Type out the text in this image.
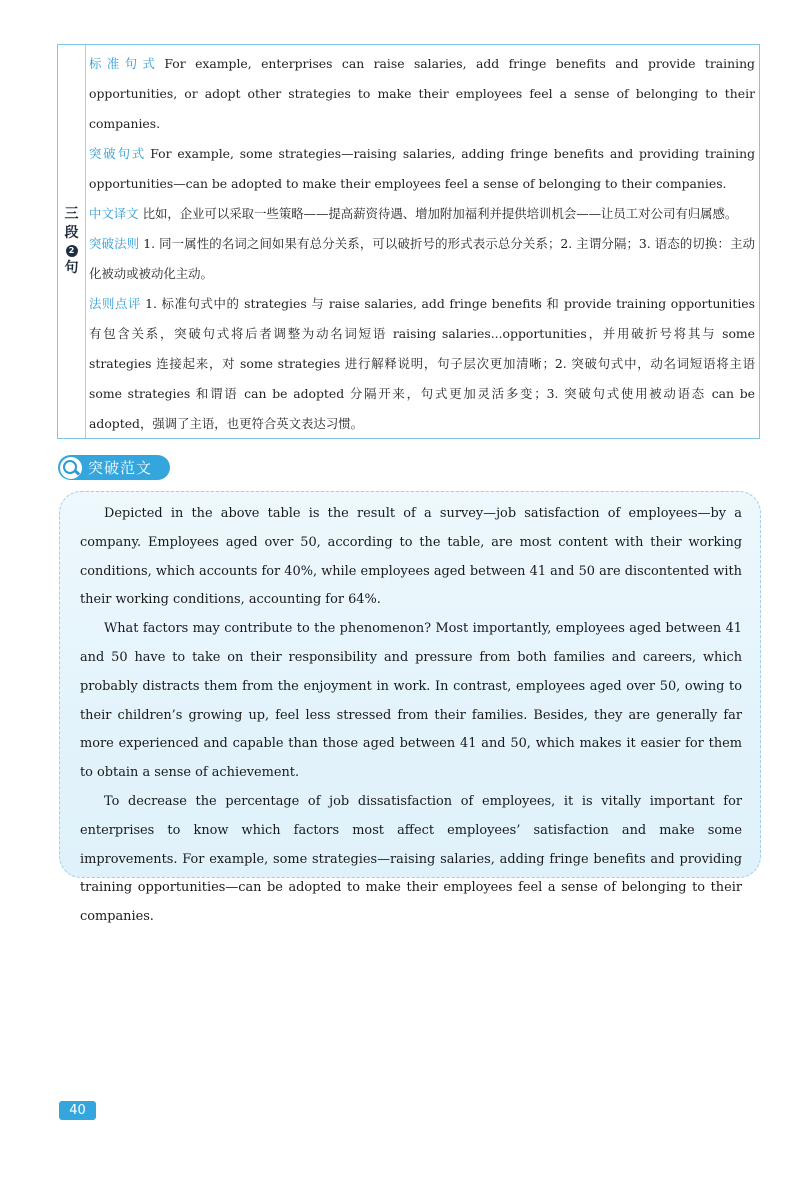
三
段
2
句

标准句式 For example, enterprises can raise salaries, add fringe benefits and provide training opportunities, or adopt other strategies to make their employees feel a sense of belonging to their companies.

突破句式 For example, some strategies—raising salaries, adding fringe benefits and providing training opportunities—can be adopted to make their employees feel a sense of belonging to their companies.

中文译文 比如，企业可以采取一些策略——提高薪资待遇、增加附加福利并提供培训机会——让员工对公司有归属感。

突破法则 1. 同一属性的名词之间如果有总分关系，可以破折号的形式表示总分关系；2. 主谓分隔；3. 语态的切换：主动化被动或被动化主动。

法则点评 1. 标准句式中的 strategies 与 raise salaries, add fringe benefits 和 provide training opportunities 有包含关系，突破句式将后者调整为动名词短语 raising salaries...opportunities，并用破折号将其与 some strategies 连接起来，对 some strategies 进行解释说明，句子层次更加清晰；2. 突破句式中，动名词短语将主语 some strategies 和谓语 can be adopted 分隔开来，句式更加灵活多变；3. 突破句式使用被动语态 can be adopted，强调了主语，也更符合英文表达习惯。

突破范文

Depicted in the above table is the result of a survey—job satisfaction of employees—by a company. Employees aged over 50, according to the table, are most content with their working conditions, which accounts for 40%, while employees aged between 41 and 50 are discontented with their working conditions, accounting for 64%.

What factors may contribute to the phenomenon? Most importantly, employees aged between 41 and 50 have to take on their responsibility and pressure from both families and careers, which probably distracts them from the enjoyment in work. In contrast, employees aged over 50, owing to their children’s growing up, feel less stressed from their families. Besides, they are generally far more experienced and capable than those aged between 41 and 50, which makes it easier for them to obtain a sense of achievement.

To decrease the percentage of job dissatisfaction of employees, it is vitally important for enterprises to know which factors most affect employees’ satisfaction and make some improvements. For example, some strategies—raising salaries, adding fringe benefits and providing training opportunities—can be adopted to make their employees feel a sense of belonging to their companies.

40
